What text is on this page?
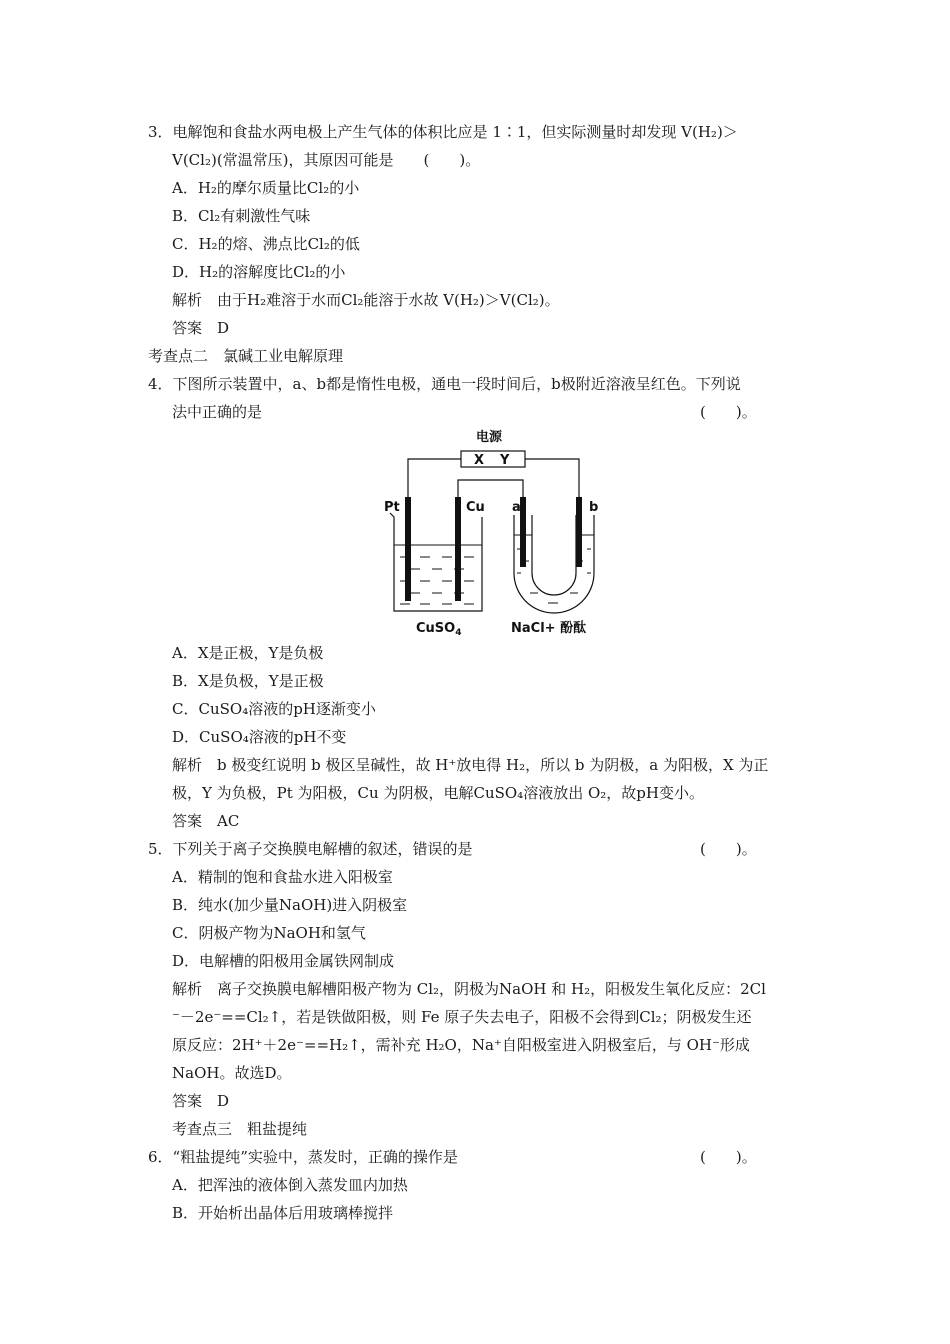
3．电解饱和食盐水两电极上产生气体的体积比应是 1∶1，但实际测量时却发现 V(H₂)＞
V(Cl₂)(常温常压)，其原因可能是　　(　　)。
A．H₂的摩尔质量比Cl₂的小
B．Cl₂有刺激性气味
C．H₂的熔、沸点比Cl₂的低
D．H₂的溶解度比Cl₂的小
解析　由于H₂难溶于水而Cl₂能溶于水故 V(H₂)＞V(Cl₂)。
答案　D
考查点二　氯碱工业电解原理
4．下图所示装置中，a、b都是惰性电极，通电一段时间后，b极附近溶液呈红色。下列说
法中正确的是	(　　)。
电源
X Y
Pt	Cu a	b
CuSO$_4$	NaCl+ 酚酞
A．X是正极，Y是负极
B．X是负极，Y是正极
C．CuSO₄溶液的pH逐渐变小
D．CuSO₄溶液的pH不变
解析　b 极变红说明 b 极区呈碱性，故 H⁺放电得 H₂，所以 b 为阴极，a 为阳极，X 为正
极，Y 为负极，Pt 为阳极，Cu 为阴极，电解CuSO₄溶液放出 O₂，故pH变小。
答案　AC
5．下列关于离子交换膜电解槽的叙述，错误的是	(　　)。
A．精制的饱和食盐水进入阳极室
B．纯水(加少量NaOH)进入阴极室
C．阴极产物为NaOH和氢气
D．电解槽的阳极用金属铁网制成
解析　离子交换膜电解槽阳极产物为 Cl₂，阴极为NaOH 和 H₂，阳极发生氧化反应：2Cl
⁻－2e⁻==Cl₂↑，若是铁做阳极，则 Fe 原子失去电子，阳极不会得到Cl₂；阴极发生还
原反应：2H⁺＋2e⁻==H₂↑，需补充 H₂O，Na⁺自阳极室进入阴极室后，与 OH⁻形成
NaOH。故选D。
答案　D
考查点三　粗盐提纯
6．“粗盐提纯”实验中，蒸发时，正确的操作是	(　　)。
A．把浑浊的液体倒入蒸发皿内加热
B．开始析出晶体后用玻璃棒搅拌
